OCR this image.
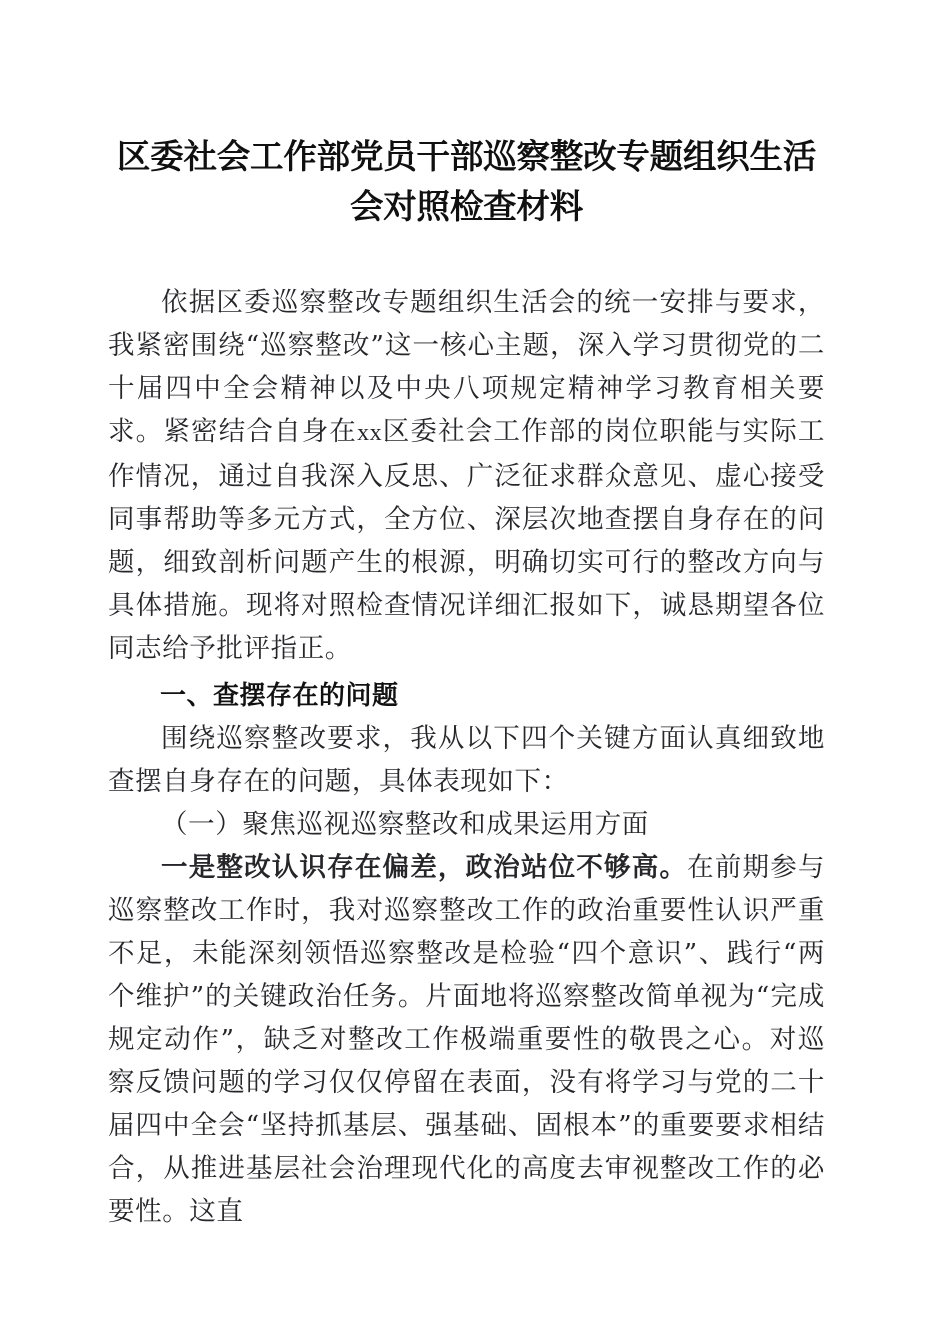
区委社会工作部党员干部巡察整改专题组织生活会对照检查材料

依据区委巡察整改专题组织生活会的统一安排与要求，我紧密围绕“巡察整改”这一核心主题，深入学习贯彻党的二十届四中全会精神以及中央八项规定精神学习教育相关要求。紧密结合自身在xx区委社会工作部的岗位职能与实际工作情况，通过自我深入反思、广泛征求群众意见、虚心接受同事帮助等多元方式，全方位、深层次地查摆自身存在的问题，细致剖析问题产生的根源，明确切实可行的整改方向与具体措施。现将对照检查情况详细汇报如下，诚恳期望各位同志给予批评指正。

一、查摆存在的问题

围绕巡察整改要求，我从以下四个关键方面认真细致地查摆自身存在的问题，具体表现如下：

（一）聚焦巡视巡察整改和成果运用方面

一是整改认识存在偏差，政治站位不够高。在前期参与巡察整改工作时，我对巡察整改工作的政治重要性认识严重不足，未能深刻领悟巡察整改是检验“四个意识”、践行“两个维护”的关键政治任务。片面地将巡察整改简单视为“完成规定动作”，缺乏对整改工作极端重要性的敬畏之心。对巡察反馈问题的学习仅仅停留在表面，没有将学习与党的二十届四中全会“坚持抓基层、强基础、固根本”的重要要求相结合，从推进基层社会治理现代化的高度去审视整改工作的必要性。这直
